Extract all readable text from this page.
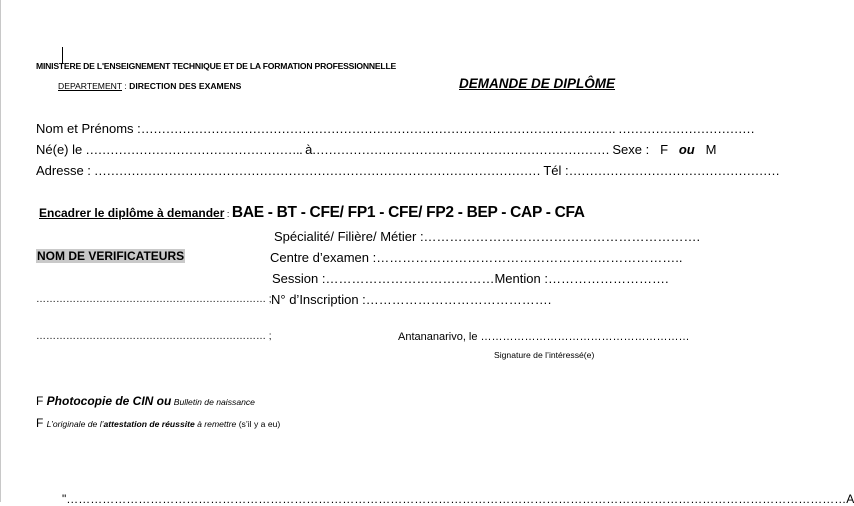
MINISTERE DE L'ENSEIGNEMENT TECHNIQUE ET DE LA FORMATION PROFESSIONNELLE
DEPARTEMENT : DIRECTION DES EXAMENS	DEMANDE DE DIPLÔME
Nom et Prénoms :……………………………………………………………………………………………………. ……………………………
Né(e) le …………………………………………….. à……………………………………………………………… Sexe : F ou M
Adresse : ……………………………………………………………………………………………… Tél :……………………………………………
Encadrer le diplôme à demander : BAE - BT - CFE/ FP1 - CFE/ FP2 - BEP - CAP - CFA
Spécialité/ Filière/ Métier :……………………………………………………….
NOM DE VERIFICATEURS	Centre d’examen :……………………………………………………………..
Session :…………………………………Mention :……………………….
N° d’Inscription :…………………………………….
…………………………………………………………… ;
…………………………………………………………… ;	Antananarivo, le …………………………………………………
Signature de l’intéressé(e)
F Photocopie de CIN ou Bulletin de naissance
F L’originale de l’attestation de réussite à remettre (s’il y a eu)
"……………………………………………………………………………………………………………………………………………………………………………A
